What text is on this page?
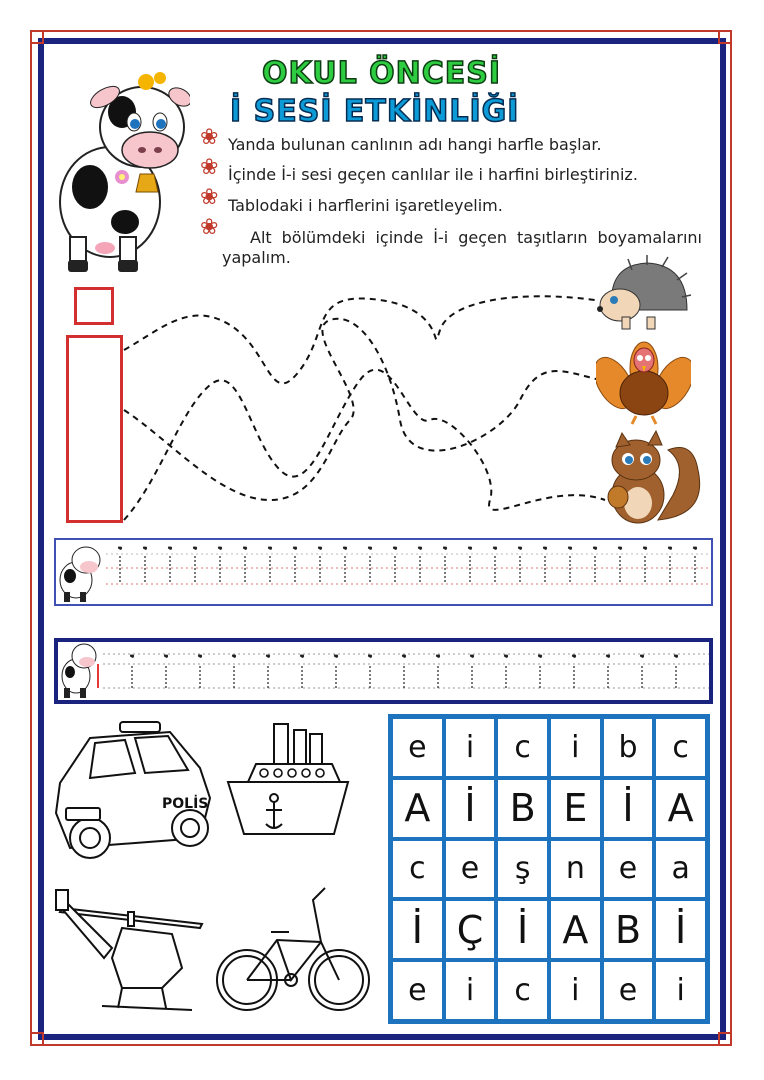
OKUL ÖNCESİ
İ SESİ ETKİNLİĞİ
❀ Yanda bulunan canlının adı hangi harfle başlar.
❀ İçinde İ-i sesi geçen canlılar ile i harfini birleştiriniz.
❀ Tablodaki i harflerini işaretleyelim.
❀	Alt bölümdeki içinde İ-i geçen taşıtların boyamalarını yapalım.
POLİS
e	i	c	i	b	c
A İ B E İ A
c	e	ş	n	e	a
İ Ç İ A B İ
e	i	c	i	e	i
